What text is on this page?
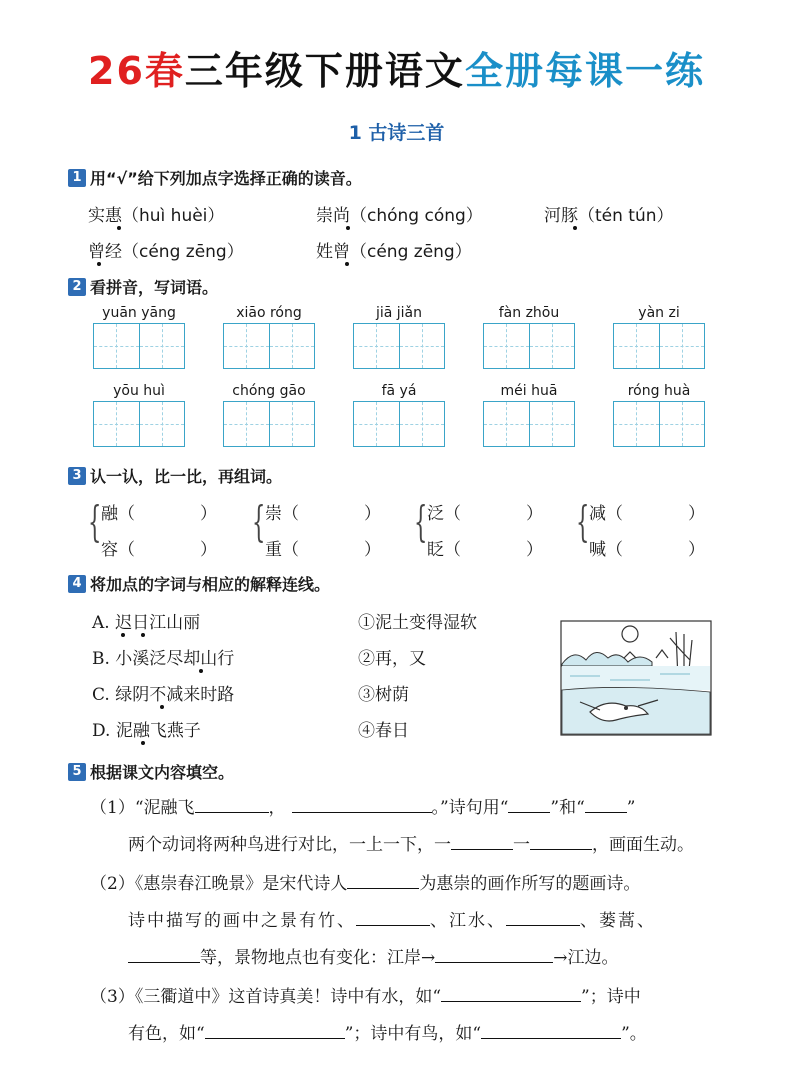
26春三年级下册语文全册每课一练
1 古诗三首
1 用“√”给下列加点字选择正确的读音。
实惠（huì huèi）	崇尚（chóng cóng）	河豚（tén tún）
曾经（céng zēng）	姓曾（céng zēng）
2 看拼音，写词语。
yuān yāng	xiāo róng	jiā jiǎn	fàn zhōu	yàn zi
yōu huì	chóng gāo	fā yá	méi huā	róng huà
3 认一认，比一比，再组词。
{ 融（	）
容（	）
{ 崇（	）
重（	）
{ 泛（	）
眨（	）
{ 减（	）
喊（	）
4 将加点的字词与相应的解释连线。
A. 迟日江山丽
B. 小溪泛尽却山行
C. 绿阴不减来时路
D. 泥融飞燕子
①泥土变得湿软
②再，又
③树荫
④春日
5 根据课文内容填空。
（1）“泥融飞	，	。”诗句用“ ”和“ ”
两个动词将两种鸟进行对比，一上一下，一	一	，画面生动。
（2）《惠崇春江晚景》是宋代诗人	为惠崇的画作所写的题画诗。
诗中描写的画中之景有竹、	、江水、	、蒌蒿、
等，景物地点也有变化：江岸→	→江边。
（3）《三衢道中》这首诗真美！诗中有水，如“	”；诗中
有色，如“	”；诗中有鸟，如“	”。
